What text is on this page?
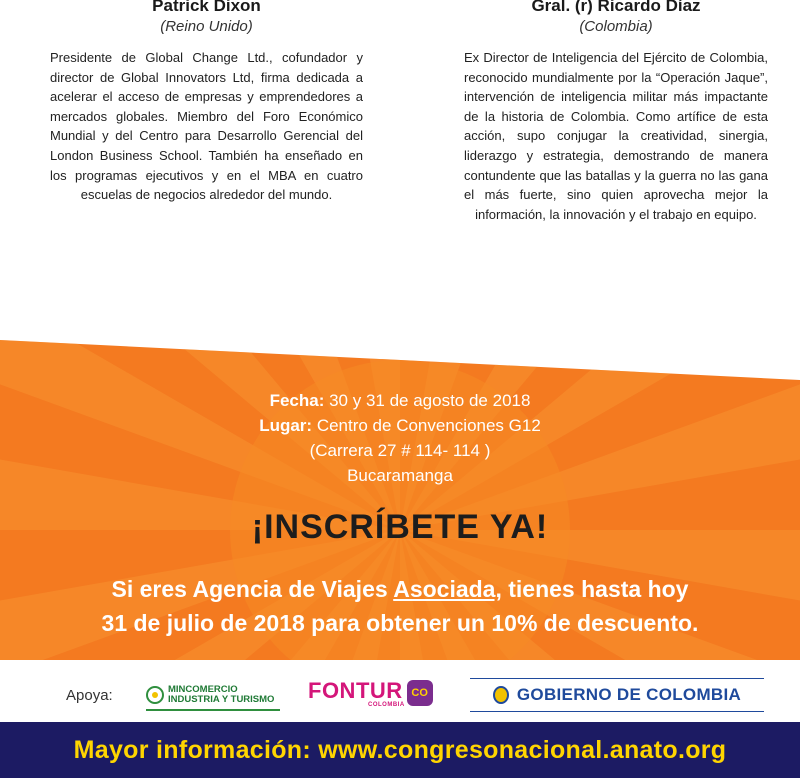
Patrick Dixon
(Reino Unido)
Presidente de Global Change Ltd., cofundador y director de Global Innovators Ltd, firma dedicada a acelerar el acceso de empresas y emprendedores a mercados globales. Miembro del Foro Económico Mundial y del Centro para Desarrollo Gerencial del London Business School. También ha enseñado en los programas ejecutivos y en el MBA en cuatro escuelas de negocios alrededor del mundo.
Gral. (r) Ricardo Díaz
(Colombia)
Ex Director de Inteligencia del Ejército de Colombia, reconocido mundialmente por la “Operación Jaque”, intervención de inteligencia militar más impactante de la historia de Colombia. Como artífice de esta acción, supo conjugar la creatividad, sinergia, liderazgo y estrategia, demostrando de manera contundente que las batallas y la guerra no las gana el más fuerte, sino quien aprovecha mejor la información, la innovación y el trabajo en equipo.
Fecha: 30 y 31 de agosto de 2018
Lugar: Centro de Convenciones G12
(Carrera 27 # 114- 114 )
Bucaramanga
¡INSCRÍBETE YA!
Si eres Agencia de Viajes Asociada, tienes hasta hoy
31 de julio de 2018 para obtener un 10% de descuento.
Apoya:	MINCOMERCIO
INDUSTRIA Y TURISMO FONTUR
COLOMBIA
CO	GOBIERNO DE COLOMBIA
Mayor información: www.congresonacional.anato.org
